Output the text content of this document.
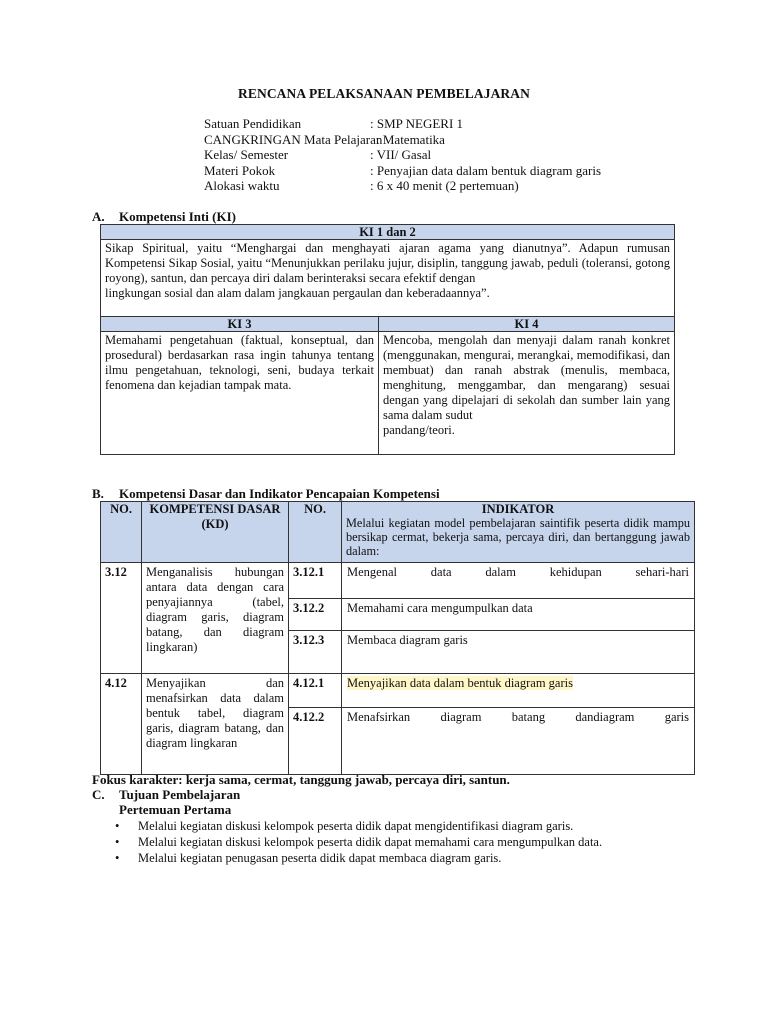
RENCANA PELAKSANAAN PEMBELAJARAN
Satuan Pendidikan	: SMP NEGERI 1
CANGKRINGAN Mata Pelajaran
: Matematika
Kelas/ Semester	: VII/ Gasal
Materi Pokok	: Penyajian data dalam bentuk diagram garis
Alokasi waktu	: 6 x 40 menit (2 pertemuan)
A. Kompetensi Inti (KI)
KI 1 dan 2	

Sikap Spiritual, yaitu “Menghargai dan menghayati ajaran agama yang dianutnya”. Adapun rumusan Kompetensi Sikap Sosial, yaitu “Menunjukkan perilaku jujur, disiplin, tanggung jawab, peduli (toleransi, gotong royong), santun, dan percaya diri dalam berinteraksi secara efektif dengan
lingkungan sosial dan alam dalam jangkauan pergaulan dan keberadaannya”.	

KI 3	KI 4

Memahami pengetahuan (faktual, konseptual, dan prosedural) berdasarkan rasa ingin tahunya tentang ilmu pengetahuan, teknologi, seni, budaya terkait fenomena dan kejadian tampak mata.	Mencoba, mengolah dan menyaji dalam ranah konkret (menggunakan, mengurai, merangkai, memodifikasi, dan membuat) dan ranah abstrak (menulis, membaca, menghitung, menggambar, dan mengarang) sesuai dengan yang dipelajari di sekolah dan sumber lain yang sama dalam sudut
pandang/teori.
B. Kompetensi Dasar dan Indikator Pencapaian Kompetensi
NO.	KOMPETENSI DASAR (KD)	NO.	INDIKATOR
Melalui kegiatan model pembelajaran saintifik peserta didik mampu bersikap cermat, bekerja sama, percaya diri, dan bertanggung jawab dalam:

3.12	Menganalisis hubungan antara data dengan cara penyajiannya (tabel, diagram garis, diagram batang, dan diagram lingkaran)	3.12.1	Mengenal data dalam kehidupan sehari-hari

		3.12.2	Memahami cara mengumpulkan data
		3.12.3	Membaca diagram garis
4.12	Menyajikan dan menafsirkan data dalam bentuk tabel, diagram garis, diagram batang, dan diagram lingkaran	4.12.1	Menyajikan data dalam bentuk diagram garis
		4.12.2	Menafsirkan diagram batang dandiagram garis
Fokus karakter: kerja sama, cermat, tanggung jawab, percaya diri, santun.
C. Tujuan Pembelajaran
Pertemuan Pertama
• Melalui kegiatan diskusi kelompok peserta didik dapat mengidentifikasi diagram garis.
• Melalui kegiatan diskusi kelompok peserta didik dapat memahami cara mengumpulkan data.
• Melalui kegiatan penugasan peserta didik dapat membaca diagram garis.
